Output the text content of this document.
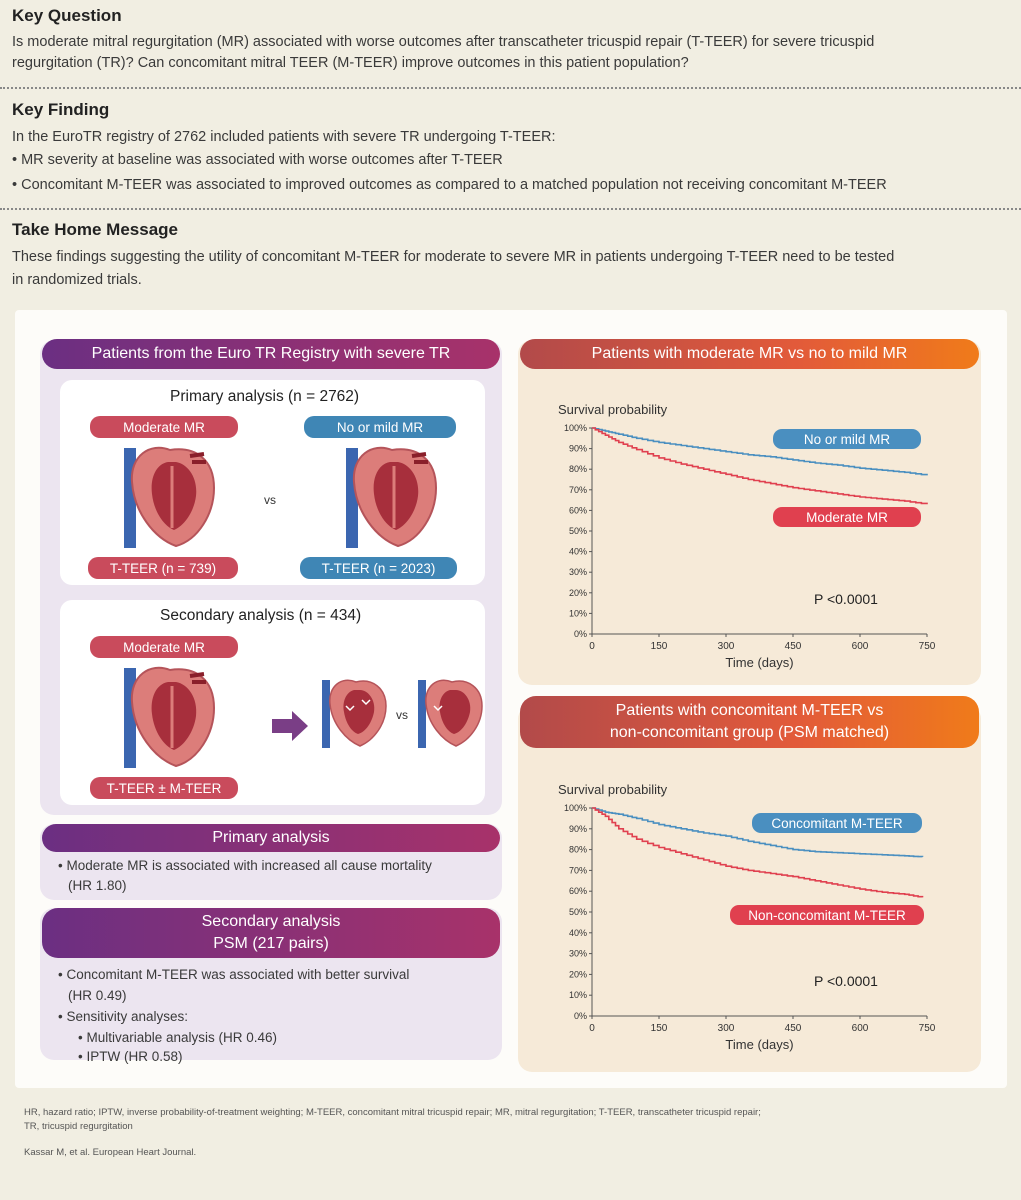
Key Question
Is moderate mitral regurgitation (MR) associated with worse outcomes after transcatheter tricuspid repair (T-TEER) for severe tricuspid
regurgitation (TR)? Can concomitant mitral TEER (M-TEER) improve outcomes in this patient population?
Key Finding
In the EuroTR registry of 2762 included patients with severe TR undergoing T-TEER:
• MR severity at baseline was associated with worse outcomes after T-TEER
• Concomitant M-TEER was associated to improved outcomes as compared to a matched population not receiving concomitant M-TEER
Take Home Message
These findings suggesting the utility of concomitant M-TEER for moderate to severe MR in patients undergoing T-TEER need to be tested
in randomized trials.
Patients from the Euro TR Registry with severe TR
Primary analysis (n = 2762)
Moderate MR	No or mild MR
vs
T-TEER (n = 739)	T-TEER (n = 2023)
Secondary analysis (n = 434)
Moderate MR
T-TEER ± M-TEER
vs
Primary analysis
• Moderate MR is associated with increased all cause mortality
(HR 1.80)
Secondary analysis
PSM (217 pairs)
• Concomitant M-TEER was associated with better survival
(HR 0.49)
• Sensitivity analyses:
• Multivariable analysis (HR 0.46)
• IPTW (HR 0.58)
Patients with moderate MR vs no to mild MR
Patients with concomitant M-TEER vs
non-concomitant group (PSM matched)
Survival probability
0%
10%
20%
30%
40%
50%
60%
70%
80%
90%
100%
0	150	300	450	600	750
Time (days)
No or mild MR
Moderate MR
P <0.0001
Survival probability
0%
10%
20%
30%
40%
50%
60%
70%
80%
90%
100%
0	150	300	450	600	750
Time (days)
Concomitant M-TEER
Non-concomitant M-TEER
P <0.0001
HR, hazard ratio; IPTW, inverse probability-of-treatment weighting; M-TEER, concomitant mitral tricuspid repair; MR, mitral regurgitation; T-TEER, transcatheter tricuspid repair;
TR, tricuspid regurgitation
Kassar M, et al. European Heart Journal.
